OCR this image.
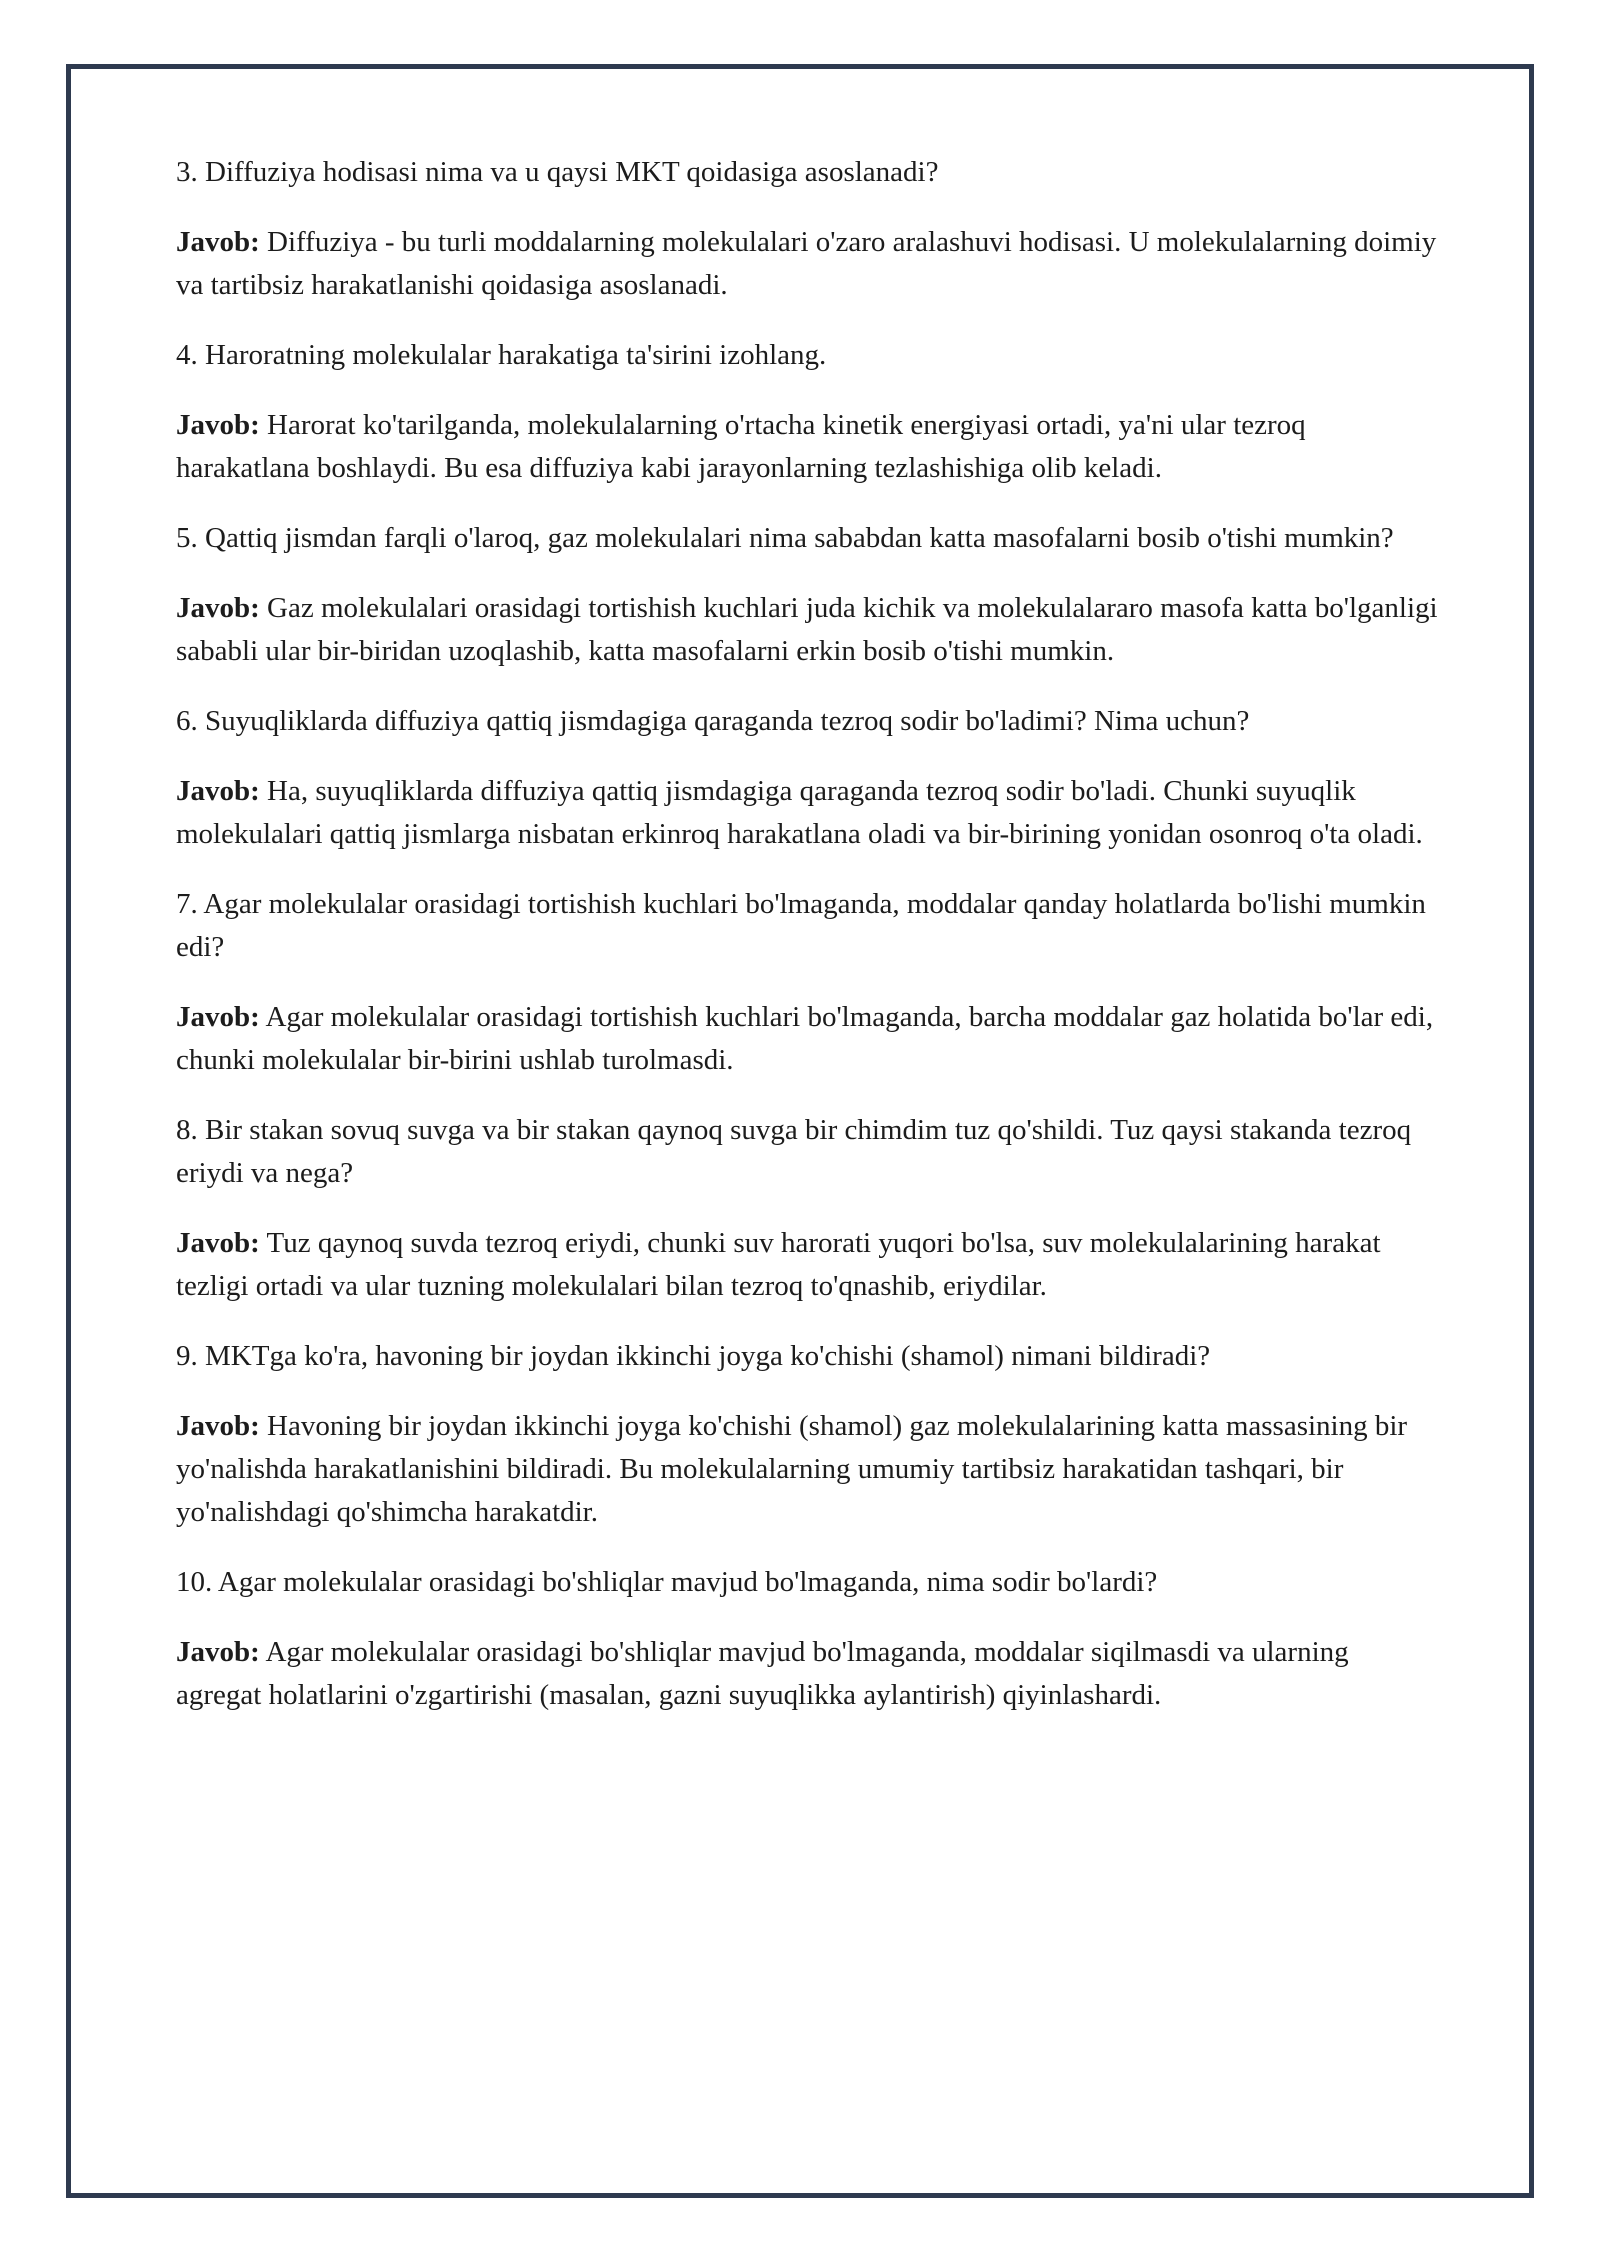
3. Diffuziya hodisasi nima va u qaysi MKT qoidasiga asoslanadi?

Javob: Diffuziya - bu turli moddalarning molekulalari o'zaro aralashuvi hodisasi. U molekulalarning doimiy va tartibsiz harakatlanishi qoidasiga asoslanadi.

4. Haroratning molekulalar harakatiga ta'sirini izohlang.

Javob: Harorat ko'tarilganda, molekulalarning o'rtacha kinetik energiyasi ortadi, ya'ni ular tezroq harakatlana boshlaydi. Bu esa diffuziya kabi jarayonlarning tezlashishiga olib keladi.

5. Qattiq jismdan farqli o'laroq, gaz molekulalari nima sababdan katta masofalarni bosib o'tishi mumkin?

Javob: Gaz molekulalari orasidagi tortishish kuchlari juda kichik va molekulalararo masofa katta bo'lganligi sababli ular bir-biridan uzoqlashib, katta masofalarni erkin bosib o'tishi mumkin.

6. Suyuqliklarda diffuziya qattiq jismdagiga qaraganda tezroq sodir bo'ladimi? Nima uchun?

Javob: Ha, suyuqliklarda diffuziya qattiq jismdagiga qaraganda tezroq sodir bo'ladi. Chunki suyuqlik molekulalari qattiq jismlarga nisbatan erkinroq harakatlana oladi va bir-birining yonidan osonroq o'ta oladi.

7. Agar molekulalar orasidagi tortishish kuchlari bo'lmaganda, moddalar qanday holatlarda bo'lishi mumkin edi?

Javob: Agar molekulalar orasidagi tortishish kuchlari bo'lmaganda, barcha moddalar gaz holatida bo'lar edi, chunki molekulalar bir-birini ushlab turolmasdi.

8. Bir stakan sovuq suvga va bir stakan qaynoq suvga bir chimdim tuz qo'shildi. Tuz qaysi stakanda tezroq eriydi va nega?

Javob: Tuz qaynoq suvda tezroq eriydi, chunki suv harorati yuqori bo'lsa, suv molekulalarining harakat tezligi ortadi va ular tuzning molekulalari bilan tezroq to'qnashib, eriydilar.

9. MKTga ko'ra, havoning bir joydan ikkinchi joyga ko'chishi (shamol) nimani bildiradi?

Javob: Havoning bir joydan ikkinchi joyga ko'chishi (shamol) gaz molekulalarining katta massasining bir yo'nalishda harakatlanishini bildiradi. Bu molekulalarning umumiy tartibsiz harakatidan tashqari, bir yo'nalishdagi qo'shimcha harakatdir.

10. Agar molekulalar orasidagi bo'shliqlar mavjud bo'lmaganda, nima sodir bo'lardi?

Javob: Agar molekulalar orasidagi bo'shliqlar mavjud bo'lmaganda, moddalar siqilmasdi va ularning agregat holatlarini o'zgartirishi (masalan, gazni suyuqlikka aylantirish) qiyinlashardi.
